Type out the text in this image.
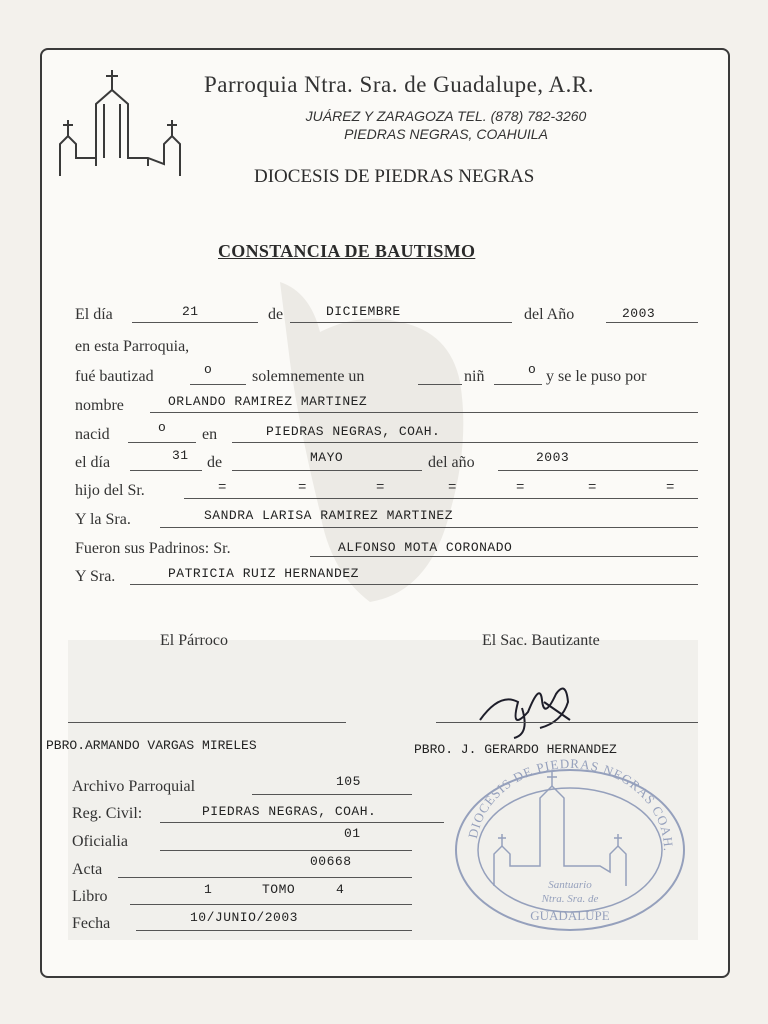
Parroquia Ntra. Sra. de Guadalupe, A.R.
JUÁREZ Y ZARAGOZA TEL. (878) 782-3260
PIEDRAS NEGRAS, COAHUILA
DIOCESIS DE PIEDRAS NEGRAS
CONSTANCIA DE BAUTISMO
El día	21	de	DICIEMBRE	del Año	2003
en esta Parroquia,
fué bautizad	o solemnemente un	niñ	o y se le puso por
nombre	ORLANDO RAMIREZ MARTINEZ
nacid	o en	PIEDRAS NEGRAS, COAH.
el día	31 de	MAYO	del año	2003
hijo del Sr.	=	=	=	=	=	=	=
Y la Sra.	SANDRA LARISA RAMIREZ MARTINEZ
Fueron sus Padrinos: Sr.	ALFONSO MOTA CORONADO
Y Sra.	PATRICIA RUIZ HERNANDEZ
El Párroco	El Sac. Bautizante
PBRO.ARMANDO VARGAS MIRELES	PBRO. J. GERARDO HERNANDEZ
Archivo Parroquial	105
Reg. Civil:	PIEDRAS NEGRAS, COAH.
Oficialia	01
Acta	00668
Libro	1	TOMO	4
Fecha	10/JUNIO/2003
DIOCESIS DE PIEDRAS NEGRAS COAH.
Santuario
Ntra. Sra. de
GUADALUPE
